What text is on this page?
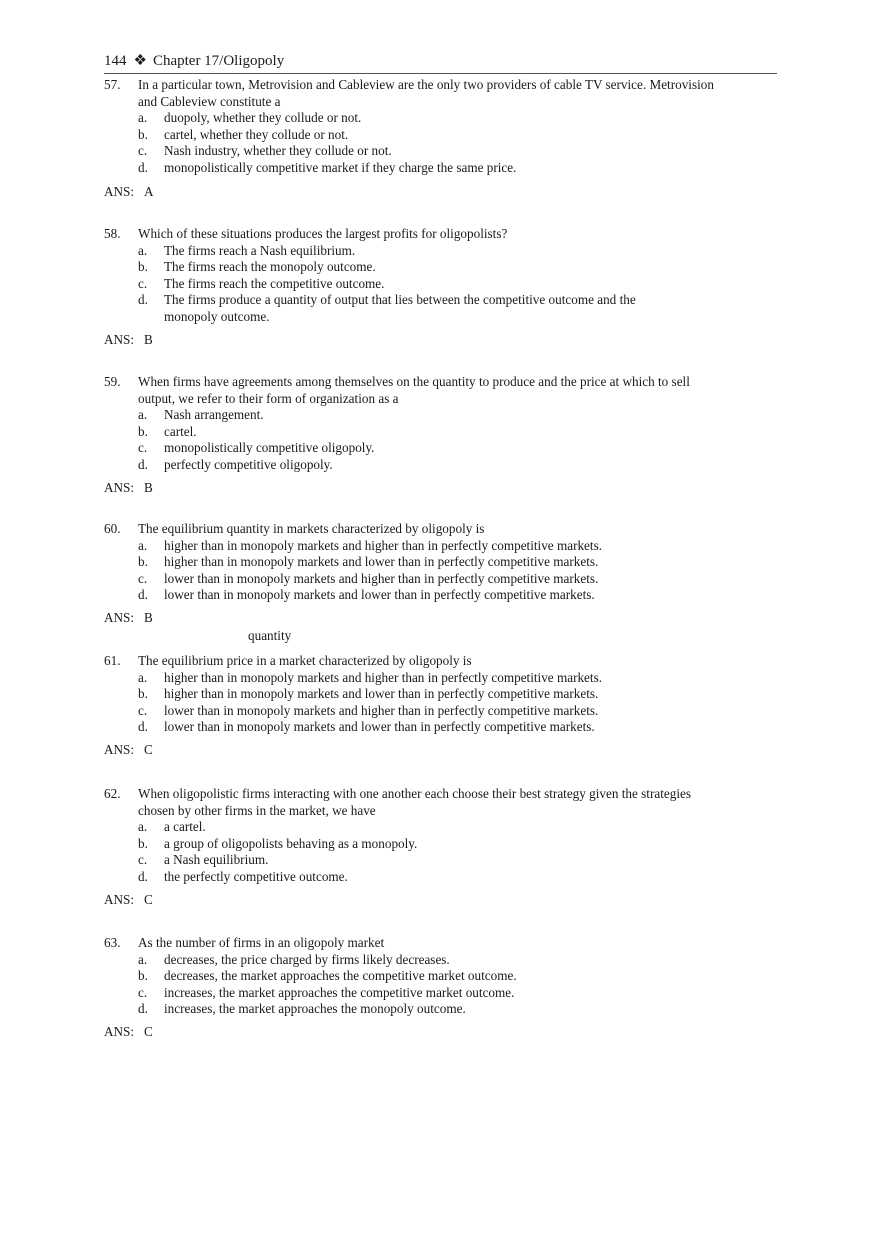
144 ❖ Chapter 17/Oligopoly
57. In a particular town, Metrovision and Cableview are the only two providers of cable TV service. Metrovision
and Cableview constitute a
a. duopoly, whether they collude or not.
b. cartel, whether they collude or not.
c. Nash industry, whether they collude or not.
d. monopolistically competitive market if they charge the same price.
ANS: A
58. Which of these situations produces the largest profits for oligopolists?
a. The firms reach a Nash equilibrium.
b. The firms reach the monopoly outcome.
c. The firms reach the competitive outcome.
d. The firms produce a quantity of output that lies between the competitive outcome and the
monopoly outcome.
ANS: B
59. When firms have agreements among themselves on the quantity to produce and the price at which to sell
output, we refer to their form of organization as a
a. Nash arrangement.
b. cartel.
c. monopolistically competitive oligopoly.
d. perfectly competitive oligopoly.
ANS: B
60. The equilibrium quantity in markets characterized by oligopoly is
a. higher than in monopoly markets and higher than in perfectly competitive markets.
b. higher than in monopoly markets and lower than in perfectly competitive markets.
c. lower than in monopoly markets and higher than in perfectly competitive markets.
d. lower than in monopoly markets and lower than in perfectly competitive markets.
ANS: B
quantity
61. The equilibrium price in a market characterized by oligopoly is
a. higher than in monopoly markets and higher than in perfectly competitive markets.
b. higher than in monopoly markets and lower than in perfectly competitive markets.
c. lower than in monopoly markets and higher than in perfectly competitive markets.
d. lower than in monopoly markets and lower than in perfectly competitive markets.
ANS: C
62. When oligopolistic firms interacting with one another each choose their best strategy given the strategies
chosen by other firms in the market, we have
a. a cartel.
b. a group of oligopolists behaving as a monopoly.
c. a Nash equilibrium.
d. the perfectly competitive outcome.
ANS: C
63. As the number of firms in an oligopoly market
a. decreases, the price charged by firms likely decreases.
b. decreases, the market approaches the competitive market outcome.
c. increases, the market approaches the competitive market outcome.
d. increases, the market approaches the monopoly outcome.
ANS: C
